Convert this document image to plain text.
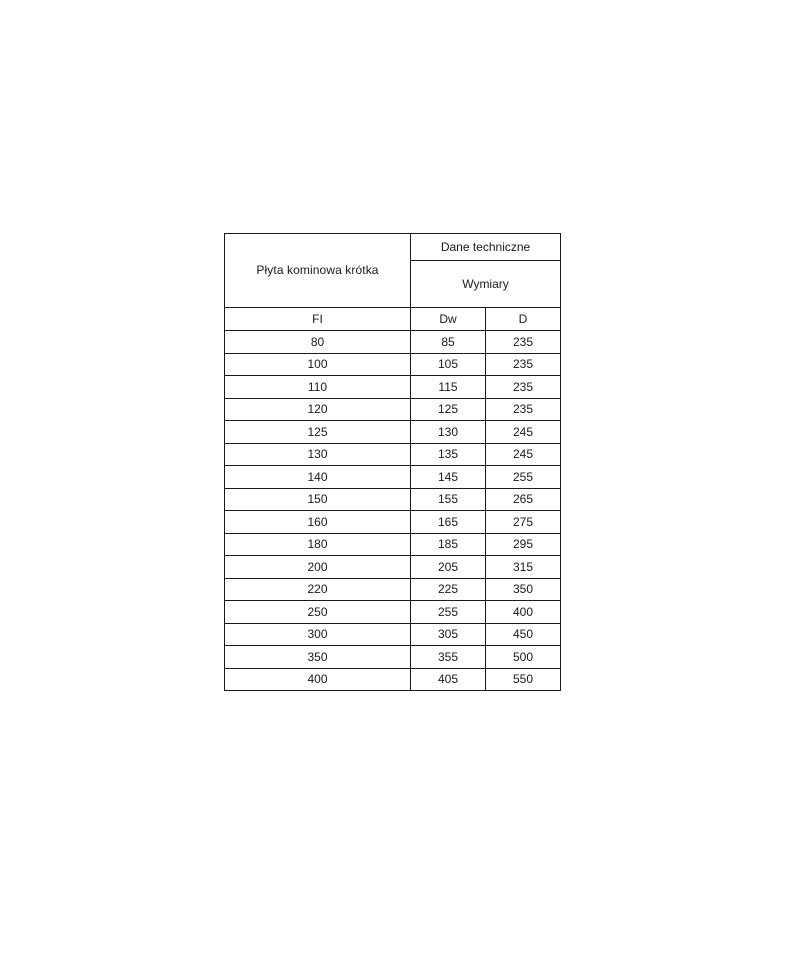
Płyta kominowa krótka	Dane techniczne	
	Wymiary	
FI	Dw	D
80	85	235
100	105	235
110	115	235
120	125	235
125	130	245
130	135	245
140	145	255
150	155	265
160	165	275
180	185	295
200	205	315
220	225	350
250	255	400
300	305	450
350	355	500
400	405	550
